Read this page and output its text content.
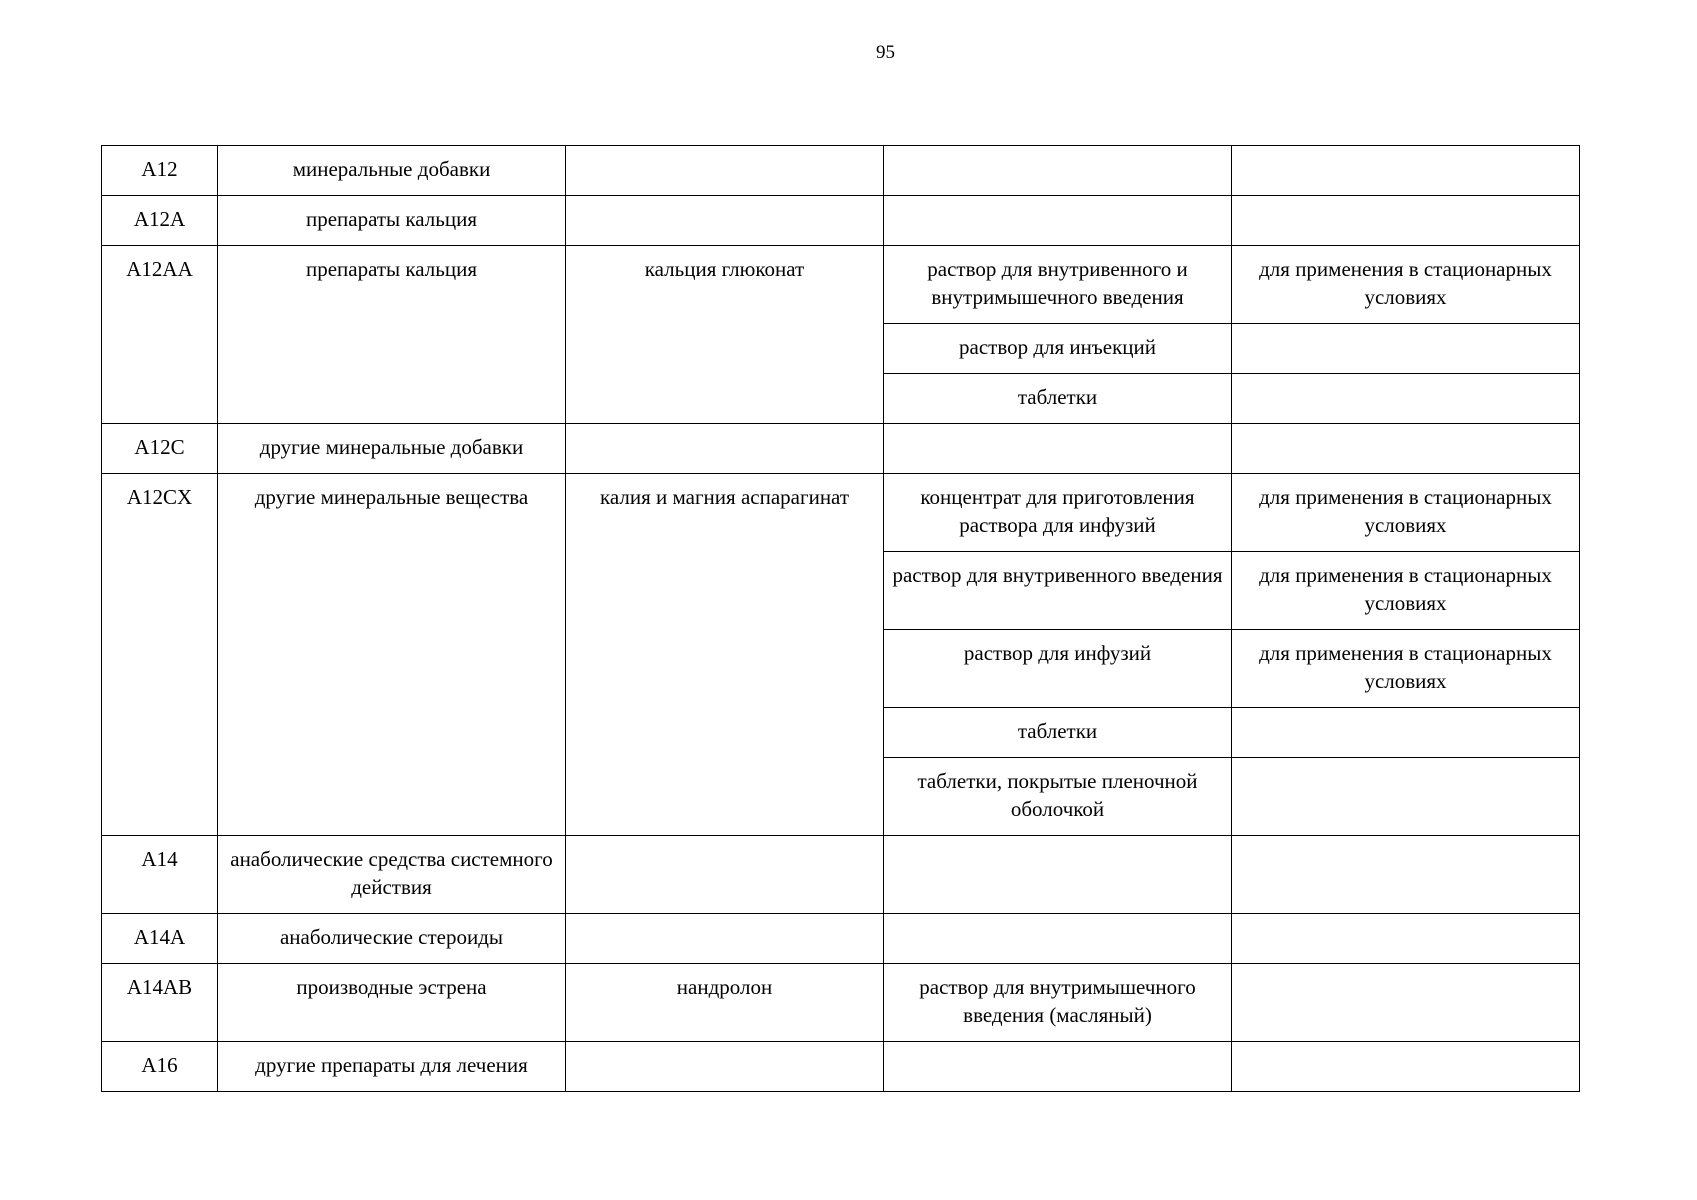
95
A12	минеральные добавки			
A12A	препараты кальция			
A12AA	препараты кальция	кальция глюконат	раствор для внутривенного и внутримышечного введения	для применения в стационарных условиях
			раствор для инъекций	
			таблетки	
A12C	другие минеральные добавки			
A12CX	другие минеральные вещества	калия и магния аспарагинат	концентрат для приготовления раствора для инфузий	для применения в стационарных условиях
			раствор для внутривенного введения	для применения в стационарных условиях
			раствор для инфузий	для применения в стационарных условиях
			таблетки	
			таблетки, покрытые пленочной оболочкой	
A14	анаболические средства системного действия			
A14A	анаболические стероиды			
A14AB	производные эстрена	нандролон	раствор для внутримышечного введения (масляный)	
A16	другие препараты для лечения			
